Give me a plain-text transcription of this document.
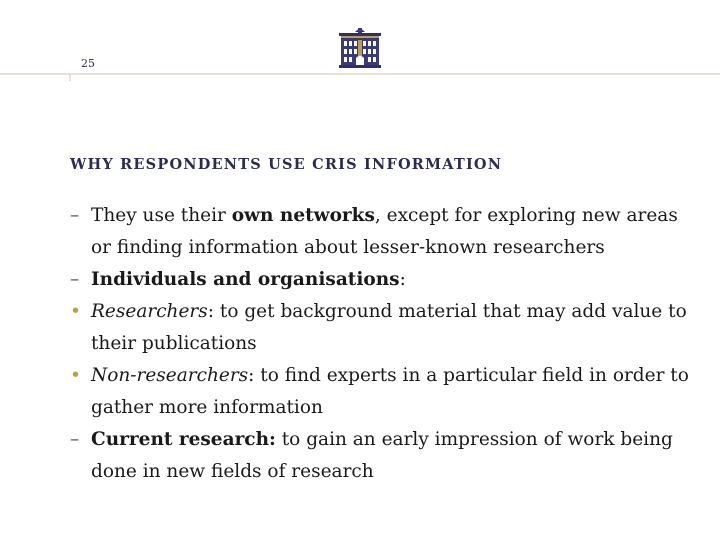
25
WHY RESPONDENTS USE CRIS INFORMATION
– They use their own networks, except for exploring new areas or finding information about lesser-known researchers
– Individuals and organisations:
• Researchers: to get background material that may add value to their publications
• Non-researchers: to find experts in a particular field in order to gather more information
– Current research: to gain an early impression of work being done in new fields of research
